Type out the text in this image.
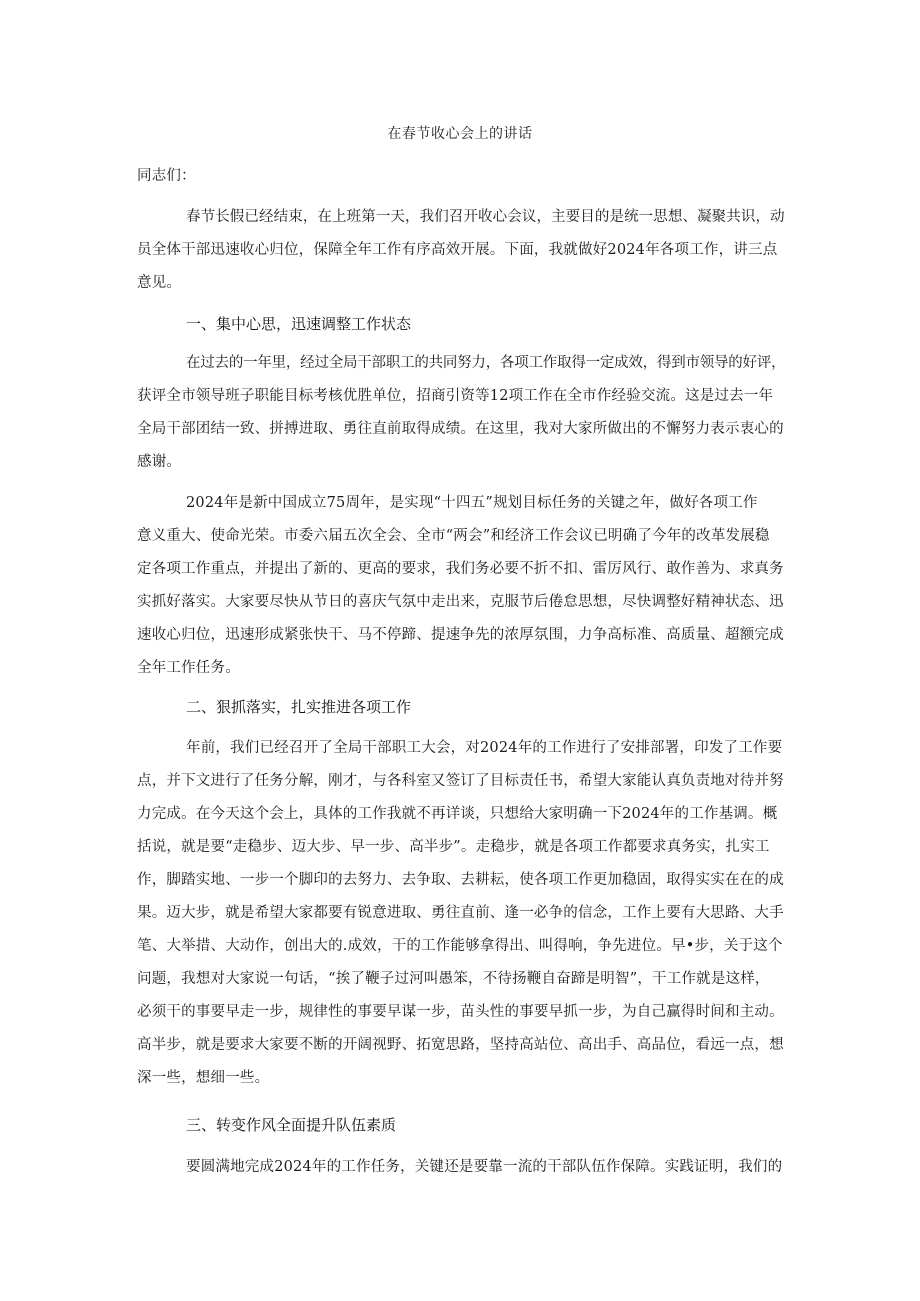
在春节收心会上的讲话
同志们：
春节长假已经结束，在上班第一天，我们召开收心会议，主要目的是统一思想、凝聚共识，动
员全体干部迅速收心归位，保障全年工作有序高效开展。下面，我就做好2024年各项工作，讲三点
意见。
一、集中心思，迅速调整工作状态
在过去的一年里，经过全局干部职工的共同努力，各项工作取得一定成效，得到市领导的好评，
获评全市领导班子职能目标考核优胜单位，招商引资等12项工作在全市作经验交流。这是过去一年
全局干部团结一致、拼搏进取、勇往直前取得成绩。在这里，我对大家所做出的不懈努力表示衷心的
感谢。
2024年是新中国成立75周年，是实现“十四五”规划目标任务的关键之年，做好各项工作
意义重大、使命光荣。市委六届五次全会、全市“两会”和经济工作会议已明确了今年的改革发展稳
定各项工作重点，并提出了新的、更高的要求，我们务必要不折不扣、雷厉风行、敢作善为、求真务
实抓好落实。大家要尽快从节日的喜庆气氛中走出来，克服节后倦怠思想，尽快调整好精神状态、迅
速收心归位，迅速形成紧张快干、马不停蹄、提速争先的浓厚氛围，力争高标准、高质量、超额完成
全年工作任务。
二、狠抓落实，扎实推进各项工作
年前，我们已经召开了全局干部职工大会，对2024年的工作进行了安排部署，印发了工作要
点，并下文进行了任务分解，刚才，与各科室又签订了目标责任书，希望大家能认真负责地对待并努
力完成。在今天这个会上，具体的工作我就不再详谈，只想给大家明确一下2024年的工作基调。概
括说，就是要“走稳步、迈大步、早一步、高半步”。走稳步，就是各项工作都要求真务实，扎实工
作，脚踏实地、一步一个脚印的去努力、去争取、去耕耘，使各项工作更加稳固，取得实实在在的成
果。迈大步，就是希望大家都要有锐意进取、勇往直前、逢一必争的信念，工作上要有大思路、大手
笔、大举措、大动作，创出大的.成效，干的工作能够拿得出、叫得响，争先进位。早•步，关于这个
问题，我想对大家说一句话，“挨了鞭子过河叫愚笨，不待扬鞭自奋蹄是明智”，干工作就是这样，
必须干的事要早走一步，规律性的事要早谋一步，苗头性的事要早抓一步，为自己赢得时间和主动。
高半步，就是要求大家要不断的开阔视野、拓宽思路，坚持高站位、高出手、高品位，看远一点，想
深一些，想细一些。
三、转变作风全面提升队伍素质
要圆满地完成2024年的工作任务，关键还是要靠一流的干部队伍作保障。实践证明，我们的
